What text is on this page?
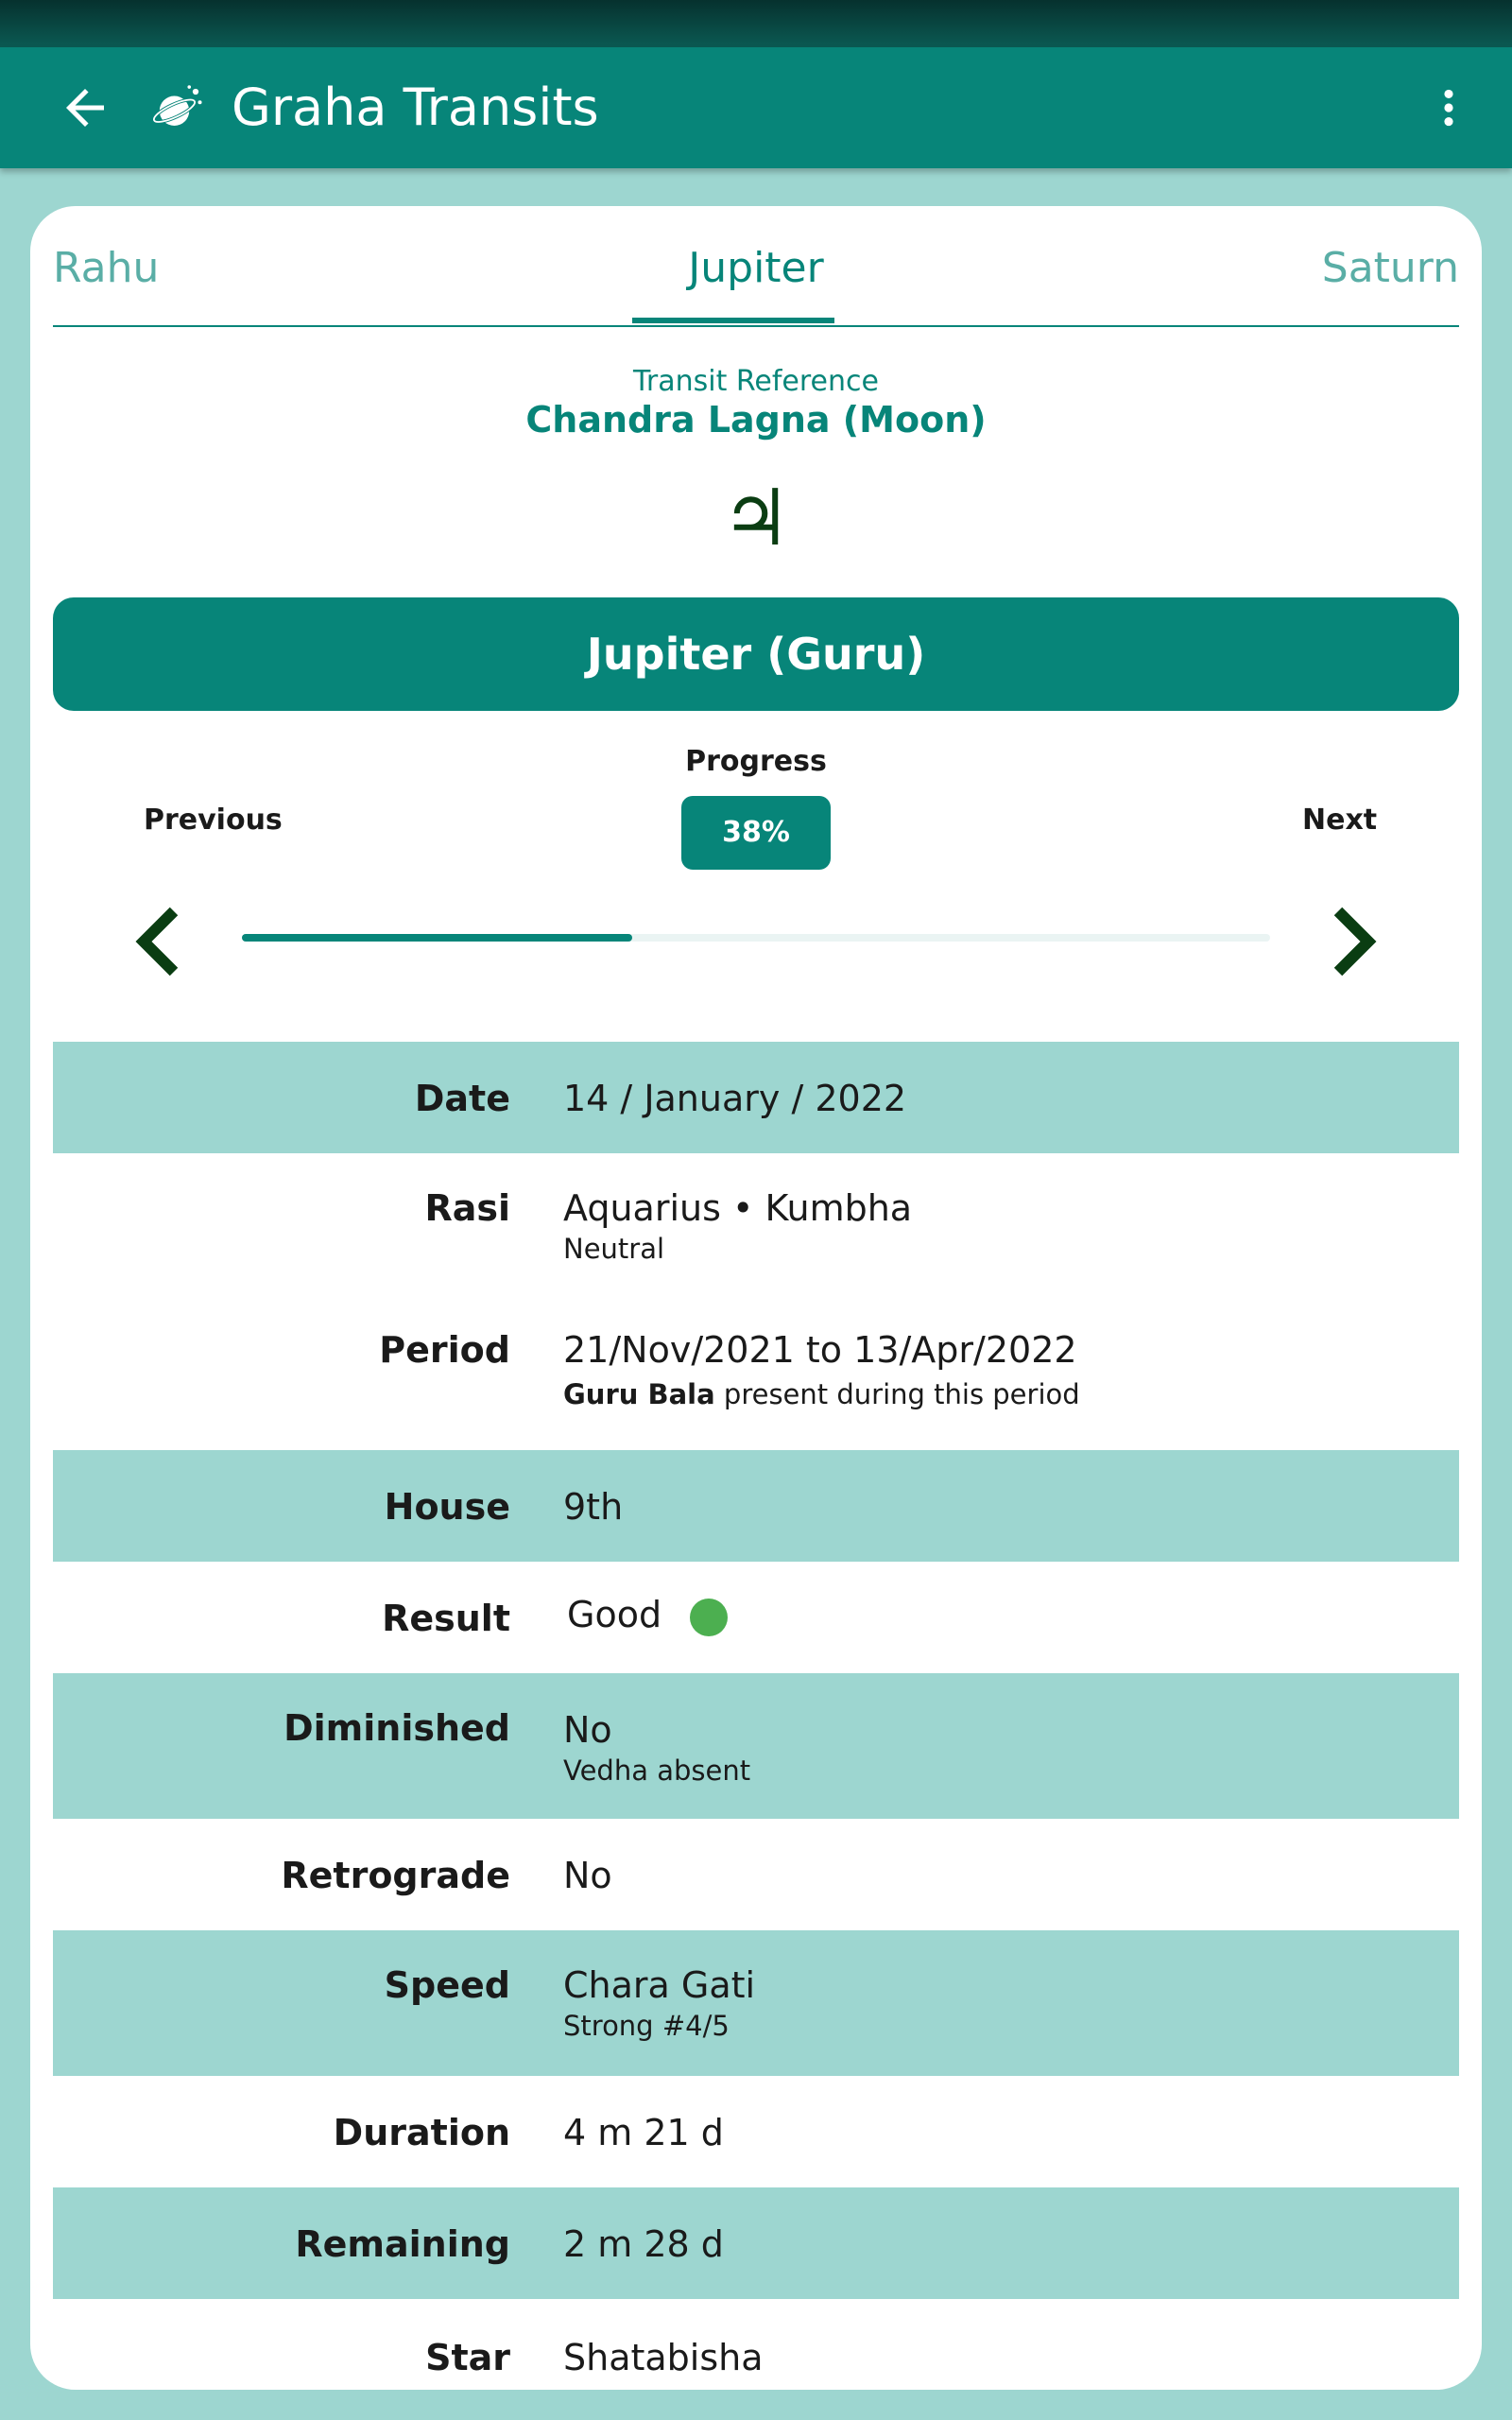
Graha Transits
Rahu	Jupiter	Saturn
Transit Reference
Chandra Lagna (Moon)
♃
Jupiter (Guru)
Progress
Previous	38%	Next
Date 14 / January / 2022
Rasi Aquarius • Kumbha
Neutral
Period 21/Nov/2021 to 13/Apr/2022
Guru Bala present during this period
House 9th
Result Good
Diminished No
Vedha absent
Retrograde No
Speed Chara Gati
Strong #4/5
Duration 4 m 21 d
Remaining 2 m 28 d
Star Shatabisha
